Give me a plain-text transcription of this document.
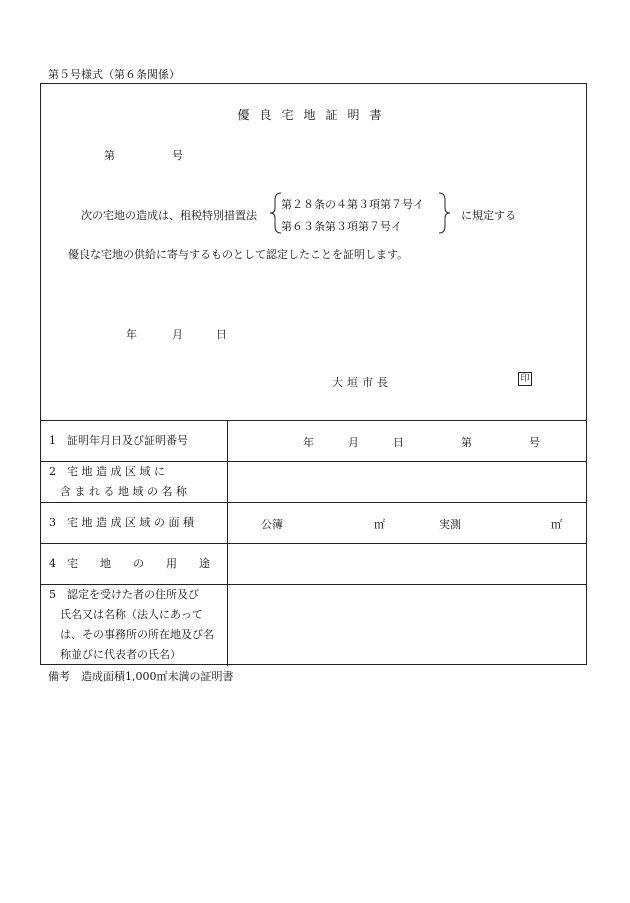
第５号様式（第６条関係）
優良宅地証明書
第	号
次の宅地の造成は、租税特別措置法
第２８条の４第３項第７号イ
第６３条第３項第７号イ
に規定する
優良な宅地の供給に寄与するものとして認定したことを証明します。
年	月	日
大垣市長	印
1　証明年月日及び証明番号	年 月 日 第 号

2　宅 地 造 成 区 域 に
　含 ま れ る 地 域 の 名 称	

3　宅 地 造 成 区 域 の 面 積	公簿 ㎡ 実測 ㎡

4　宅　　地　　の　　用　　途	

5　認定を受けた者の住所及び
　氏名又は名称（法人にあって
　は、その事務所の所在地及び名
　称並びに代表者の氏名）	

備考　造成面積1,000㎡未満の証明書
